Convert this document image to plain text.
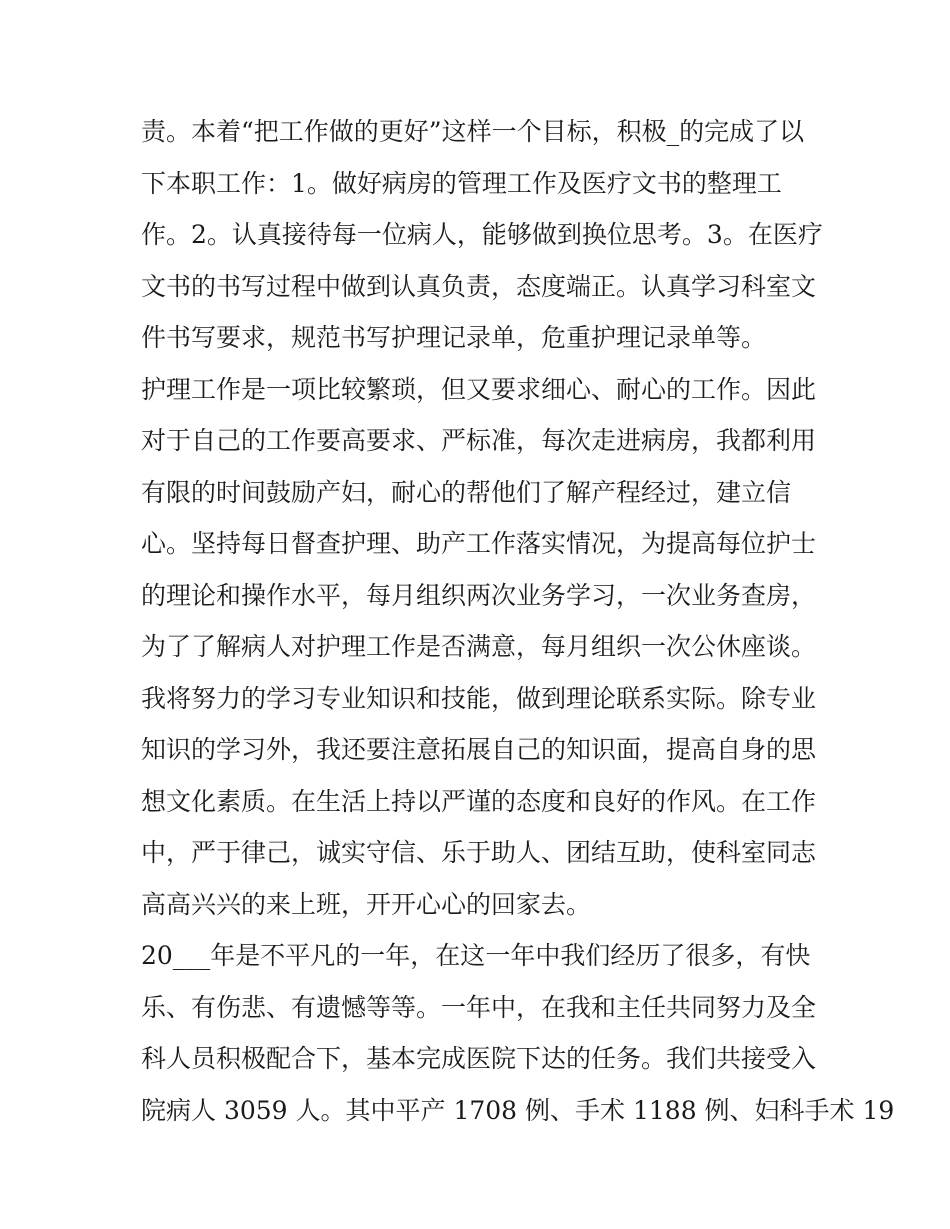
责。本着“把工作做的更好”这样一个目标，积极_的完成了以
下本职工作：1。做好病房的管理工作及医疗文书的整理工
作。2。认真接待每一位病人，能够做到换位思考。3。在医疗
文书的书写过程中做到认真负责，态度端正。认真学习科室文
件书写要求，规范书写护理记录单，危重护理记录单等。
护理工作是一项比较繁琐，但又要求细心、耐心的工作。因此
对于自己的工作要高要求、严标准，每次走进病房，我都利用
有限的时间鼓励产妇，耐心的帮他们了解产程经过，建立信
心。坚持每日督查护理、助产工作落实情况，为提高每位护士
的理论和操作水平，每月组织两次业务学习，一次业务查房，
为了了解病人对护理工作是否满意，每月组织一次公休座谈。
我将努力的学习专业知识和技能，做到理论联系实际。除专业
知识的学习外，我还要注意拓展自己的知识面，提高自身的思
想文化素质。在生活上持以严谨的态度和良好的作风。在工作
中，严于律己，诚实守信、乐于助人、团结互助，使科室同志
高高兴兴的来上班，开开心心的回家去。
20___年是不平凡的一年，在这一年中我们经历了很多，有快
乐、有伤悲、有遗憾等等。一年中，在我和主任共同努力及全
科人员积极配合下，基本完成医院下达的任务。我们共接受入
院病人 3059 人。其中平产 1708 例、手术 1188 例、妇科手术 19
